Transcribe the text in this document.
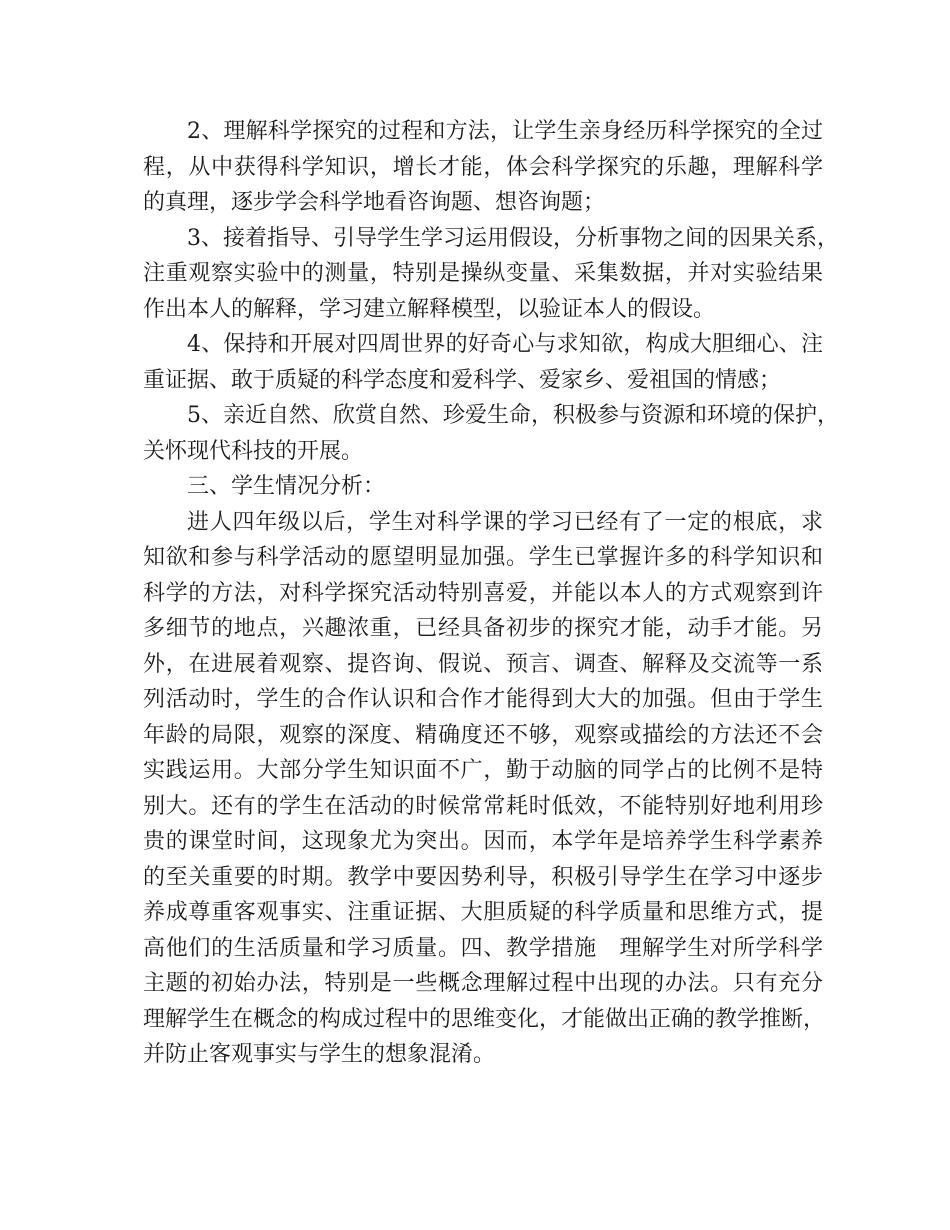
2、理解科学探究的过程和方法，让学生亲身经历科学探究的全过
程，从中获得科学知识，增长才能，体会科学探究的乐趣，理解科学
的真理，逐步学会科学地看咨询题、想咨询题；
3、接着指导、引导学生学习运用假设，分析事物之间的因果关系，
注重观察实验中的测量，特别是操纵变量、采集数据，并对实验结果
作出本人的解释，学习建立解释模型，以验证本人的假设。
4、保持和开展对四周世界的好奇心与求知欲，构成大胆细心、注
重证据、敢于质疑的科学态度和爱科学、爱家乡、爱祖国的情感；
5、亲近自然、欣赏自然、珍爱生命，积极参与资源和环境的保护，
关怀现代科技的开展。
三、学生情况分析：
进人四年级以后，学生对科学课的学习已经有了一定的根底，求
知欲和参与科学活动的愿望明显加强。学生已掌握许多的科学知识和
科学的方法，对科学探究活动特别喜爱，并能以本人的方式观察到许
多细节的地点，兴趣浓重，已经具备初步的探究才能，动手才能。另
外，在进展着观察、提咨询、假说、预言、调查、解释及交流等一系
列活动时，学生的合作认识和合作才能得到大大的加强。但由于学生
年龄的局限，观察的深度、精确度还不够，观察或描绘的方法还不会
实践运用。大部分学生知识面不广，勤于动脑的同学占的比例不是特
别大。还有的学生在活动的时候常常耗时低效，不能特别好地利用珍
贵的课堂时间，这现象尤为突出。因而，本学年是培养学生科学素养
的至关重要的时期。教学中要因势利导，积极引导学生在学习中逐步
养成尊重客观事实、注重证据、大胆质疑的科学质量和思维方式，提
高他们的生活质量和学习质量。四、教学措施　理解学生对所学科学
主题的初始办法，特别是一些概念理解过程中出现的办法。只有充分
理解学生在概念的构成过程中的思维变化，才能做出正确的教学推断，
并防止客观事实与学生的想象混淆。
